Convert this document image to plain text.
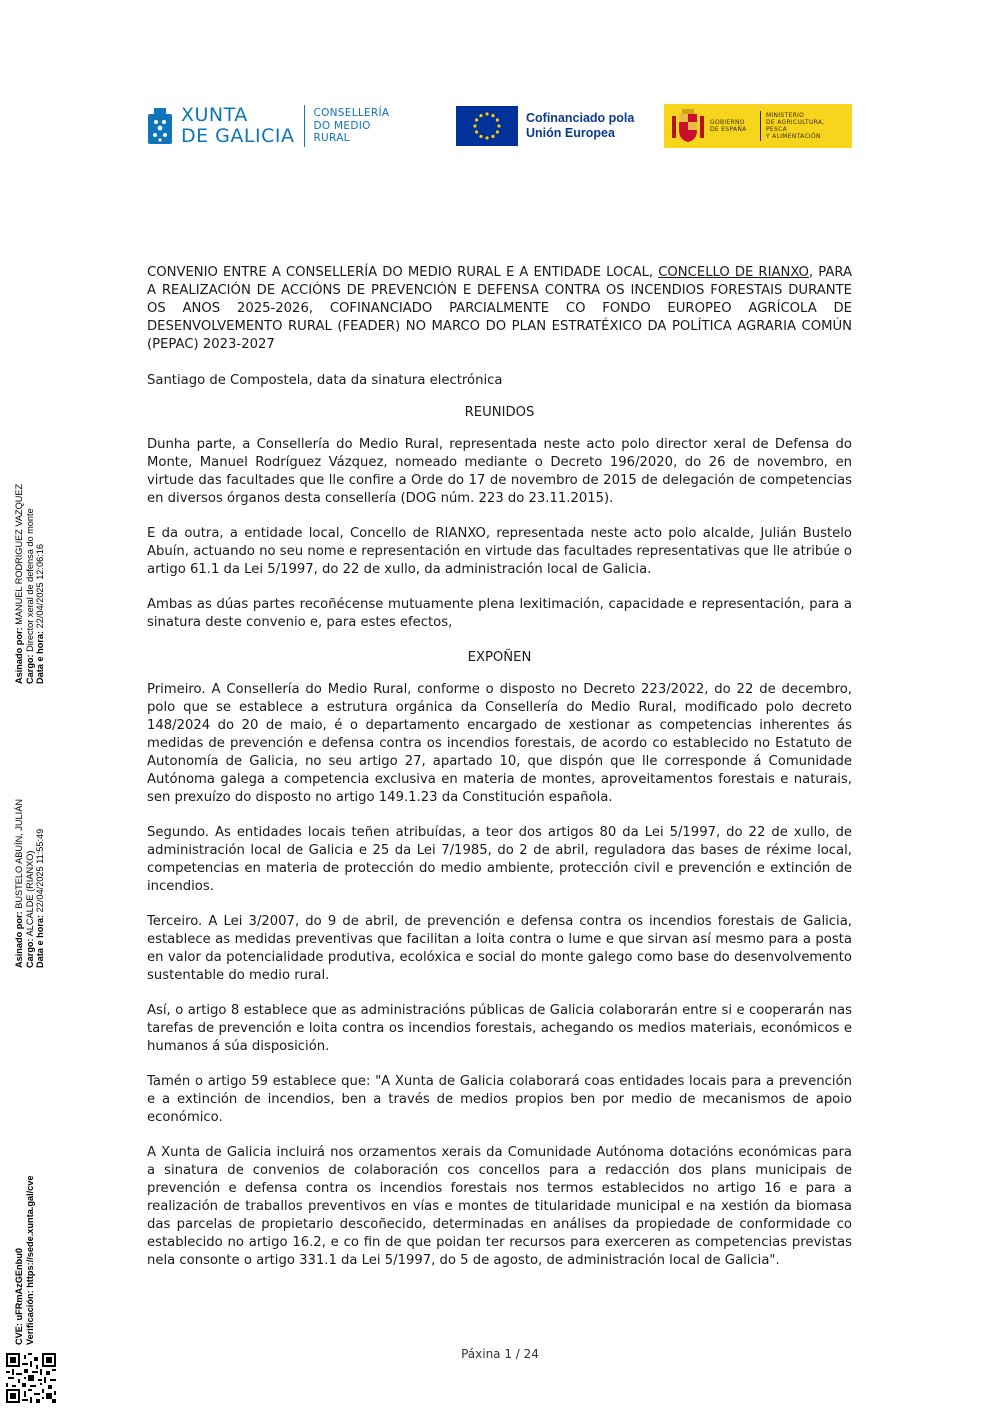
XUNTA
DE GALICIA
CONSELLERÍA
DO MEDIO
RURAL
Cofinanciado pola
Unión Europea
GOBIERNO
DE ESPAÑA
MINISTERIO
DE AGRICULTURA, PESCA
Y ALIMENTACIÓN

CONVENIO ENTRE A CONSELLERÍA DO MEDIO RURAL E A ENTIDADE LOCAL, CONCELLO DE RIANXO, PARA A REALIZACIÓN DE ACCIÓNS DE PREVENCIÓN E DEFENSA CONTRA OS INCENDIOS FORESTAIS DURANTE OS ANOS 2025-2026, COFINANCIADO PARCIALMENTE CO FONDO EUROPEO AGRÍCOLA DE DESENVOLVEMENTO RURAL (FEADER) NO MARCO DO PLAN ESTRATÉXICO DA POLÍTICA AGRARIA COMÚN (PEPAC) 2023-2027

Santiago de Compostela, data da sinatura electrónica

REUNIDOS

Dunha parte, a Consellería do Medio Rural, representada neste acto polo director xeral de Defensa do Monte, Manuel Rodríguez Vázquez, nomeado mediante o Decreto 196/2020, do 26 de novembro, en virtude das facultades que lle confire a Orde do 17 de novembro de 2015 de delegación de competencias en diversos órganos desta consellería (DOG núm. 223 do 23.11.2015).

E da outra, a entidade local, Concello de RIANXO, representada neste acto polo alcalde, Julián Bustelo Abuín, actuando no seu nome e representación en virtude das facultades representativas que lle atribúe o artigo 61.1 da Lei 5/1997, do 22 de xullo, da administración local de Galicia.

Ambas as dúas partes recoñécense mutuamente plena lexitimación, capacidade e representación, para a sinatura deste convenio e, para estes efectos,

EXPOÑEN

Primeiro. A Consellería do Medio Rural, conforme o disposto no Decreto 223/2022, do 22 de decembro, polo que se establece a estrutura orgánica da Consellería do Medio Rural, modificado polo decreto 148/2024 do 20 de maio, é o departamento encargado de xestionar as competencias inherentes ás medidas de prevención e defensa contra os incendios forestais, de acordo co establecido no Estatuto de Autonomía de Galicia, no seu artigo 27, apartado 10, que dispón que lle corresponde á Comunidade Autónoma galega a competencia exclusiva en materia de montes, aproveitamentos forestais e naturais, sen prexuízo do disposto no artigo 149.1.23 da Constitución española.

Segundo. As entidades locais teñen atribuídas, a teor dos artigos 80 da Lei 5/1997, do 22 de xullo, de administración local de Galicia e 25 da Lei 7/1985, do 2 de abril, reguladora das bases de réxime local, competencias en materia de protección do medio ambiente, protección civil e prevención e extinción de incendios.

Terceiro. A Lei 3/2007, do 9 de abril, de prevención e defensa contra os incendios forestais de Galicia, establece as medidas preventivas que facilitan a loita contra o lume e que sirvan así mesmo para a posta en valor da potencialidade produtiva, ecolóxica e social do monte galego como base do desenvolvemento sustentable do medio rural.

Así, o artigo 8 establece que as administracións públicas de Galicia colaborarán entre si e cooperarán nas tarefas de prevención e loita contra os incendios forestais, achegando os medios materiais, económicos e humanos á súa disposición.

Tamén o artigo 59 establece que: "A Xunta de Galicia colaborará coas entidades locais para a prevención e a extinción de incendios, ben a través de medios propios ben por medio de mecanismos de apoio económico.

A Xunta de Galicia incluirá nos orzamentos xerais da Comunidade Autónoma dotacións económicas para a sinatura de convenios de colaboración cos concellos para a redacción dos plans municipais de prevención e defensa contra os incendios forestais nos termos establecidos no artigo 16 e para a realización de traballos preventivos en vías e montes de titularidade municipal e na xestión da biomasa das parcelas de propietario descoñecido, determinadas en análises da propiedade de conformidade co establecido no artigo 16.2, e co fin de que poidan ter recursos para exerceren as competencias previstas nela consonte o artigo 331.1 da Lei 5/1997, do 5 de agosto, de administración local de Galicia".

Páxina 1 / 24
Asinado por: MANUEL RODRIGUEZ VAZQUEZ
Cargo: Director xeral de defensa do monte
Data e hora: 22/04/2025 12:06:16
Asinado por: BUSTELO ABUÍN, JULIÁN
Cargo: ALCALDE (RIANXO)
Data e hora: 22/04/2025 11:55:49
CVE: uFRmAzGEnbu0 Verificación: https://sede.xunta.gal/cve
